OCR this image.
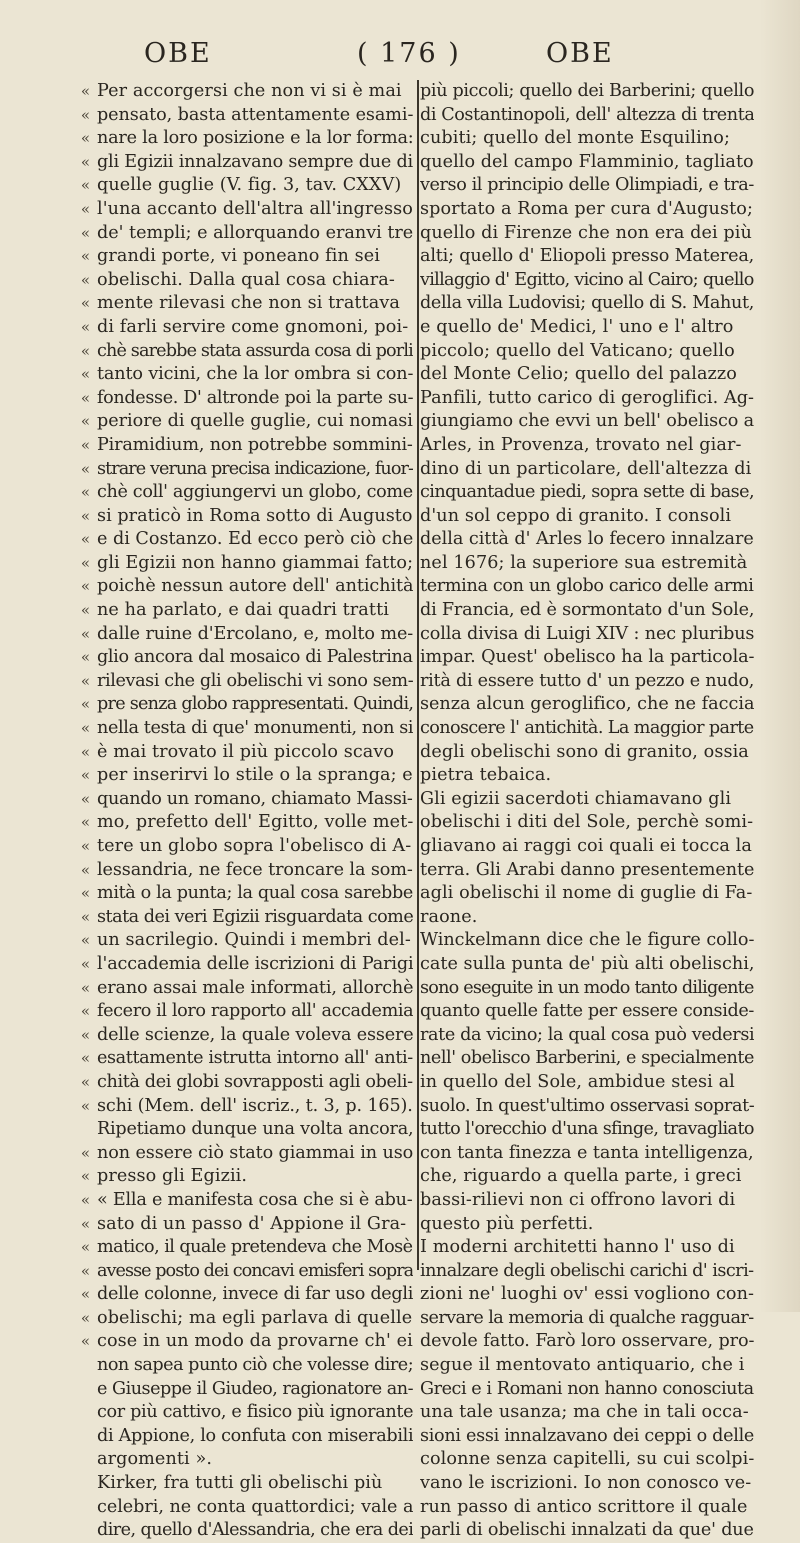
OBE	( 176 )	OBE
«
«
«
«
«
«
«
«
«
«
«
«
«
«
«
«
«
«
«
«
«
«
«
«
«
«
«
«
«
«
«
«
«
«
«
«
«
«
«
«
«
«
«
«
«
«
«
«
«
«
«
«
«
Per accorgersi che non vi si è mai
pensato, basta attentamente esami-
nare la loro posizione e la lor forma:
gli Egizii innalzavano sempre due di
quelle guglie (V. fig. 3, tav. CXXV)
l'una accanto dell'altra all'ingresso
de' templi; e allorquando eranvi tre
grandi porte, vi poneano fin sei
obelischi. Dalla qual cosa chiara-
mente rilevasi che non si trattava
di farli servire come gnomoni, poi-
chè sarebbe stata assurda cosa di porli
tanto vicini, che la lor ombra si con-
fondesse. D' altronde poi la parte su-
periore di quelle guglie, cui nomasi
Piramidium, non potrebbe sommini-
strare veruna precisa indicazione, fuor-
chè coll' aggiungervi un globo, come
si praticò in Roma sotto di Augusto
e di Costanzo. Ed ecco però ciò che
gli Egizii non hanno giammai fatto;
poichè nessun autore dell' antichità
ne ha parlato, e dai quadri tratti
dalle ruine d'Ercolano, e, molto me-
glio ancora dal mosaico di Palestrina
rilevasi che gli obelischi vi sono sem-
pre senza globo rappresentati. Quindi,
nella testa di que' monumenti, non si
è mai trovato il più piccolo scavo
per inserirvi lo stile o la spranga; e
quando un romano, chiamato Massi-
mo, prefetto dell' Egitto, volle met-
tere un globo sopra l'obelisco di A-
lessandria, ne fece troncare la som-
mità o la punta; la qual cosa sarebbe
stata dei veri Egizii risguardata come
un sacrilegio. Quindi i membri del-
l'accademia delle iscrizioni di Parigi
erano assai male informati, allorchè
fecero il loro rapporto all' accademia
delle scienze, la quale voleva essere
esattamente istrutta intorno all' anti-
chità dei globi sovrapposti agli obeli-
schi (Mem. dell' iscriz., t. 3, p. 165).
Ripetiamo dunque una volta ancora,
non essere ciò stato giammai in uso
presso gli Egizii.
« Ella e manifesta cosa che si è abu-
sato di un passo d' Appione il Gra-
matico, il quale pretendeva che Mosè
avesse posto dei concavi emisferi sopra
delle colonne, invece di far uso degli
obelischi; ma egli parlava di quelle
cose in un modo da provarne ch' ei
non sapea punto ciò che volesse dire;
e Giuseppe il Giudeo, ragionatore an-
cor più cattivo, e fisico più ignorante
di Appione, lo confuta con miserabili
argomenti ».
Kirker, fra tutti gli obelischi più
celebri, ne conta quattordici; vale a
dire, quello d'Alessandria, che era dei
più piccoli; quello dei Barberini; quello
di Costantinopoli, dell' altezza di trenta
cubiti; quello del monte Esquilino;
quello del campo Flamminio, tagliato
verso il principio delle Olimpiadi, e tra-
sportato a Roma per cura d'Augusto;
quello di Firenze che non era dei più
alti; quello d' Eliopoli presso Materea,
villaggio d' Egitto, vicino al Cairo; quello
della villa Ludovisi; quello di S. Mahut,
e quello de' Medici, l' uno e l' altro
piccolo; quello del Vaticano; quello
del Monte Celio; quello del palazzo
Panfili, tutto carico di geroglifici. Ag-
giungiamo che evvi un bell' obelisco a
Arles, in Provenza, trovato nel giar-
dino di un particolare, dell'altezza di
cinquantadue piedi, sopra sette di base,
d'un sol ceppo di granito. I consoli
della città d' Arles lo fecero innalzare
nel 1676; la superiore sua estremità
termina con un globo carico delle armi
di Francia, ed è sormontato d'un Sole,
colla divisa di Luigi XIV : nec pluribus
impar. Quest' obelisco ha la particola-
rità di essere tutto d' un pezzo e nudo,
senza alcun geroglifico, che ne faccia
conoscere l' antichità. La maggior parte
degli obelischi sono di granito, ossia
pietra tebaica.
Gli egizii sacerdoti chiamavano gli
obelischi i diti del Sole, perchè somi-
gliavano ai raggi coi quali ei tocca la
terra. Gli Arabi danno presentemente
agli obelischi il nome di guglie di Fa-
raone.
Winckelmann dice che le figure collo-
cate sulla punta de' più alti obelischi,
sono eseguite in un modo tanto diligente
quanto quelle fatte per essere conside-
rate da vicino; la qual cosa può vedersi
nell' obelisco Barberini, e specialmente
in quello del Sole, ambidue stesi al
suolo. In quest'ultimo osservasi soprat-
tutto l'orecchio d'una sfinge, travagliato
con tanta finezza e tanta intelligenza,
che, riguardo a quella parte, i greci
bassi-rilievi non ci offrono lavori di
questo più perfetti.
I moderni architetti hanno l' uso di
innalzare degli obelischi carichi d' iscri-
zioni ne' luoghi ov' essi vogliono con-
servare la memoria di qualche ragguar-
devole fatto. Farò loro osservare, pro-
segue il mentovato antiquario, che i
Greci e i Romani non hanno conosciuta
una tale usanza; ma che in tali occa-
sioni essi innalzavano dei ceppi o delle
colonne senza capitelli, su cui scolpi-
vano le iscrizioni. Io non conosco ve-
run passo di antico scrittore il quale
parli di obelischi innalzati da que' due
